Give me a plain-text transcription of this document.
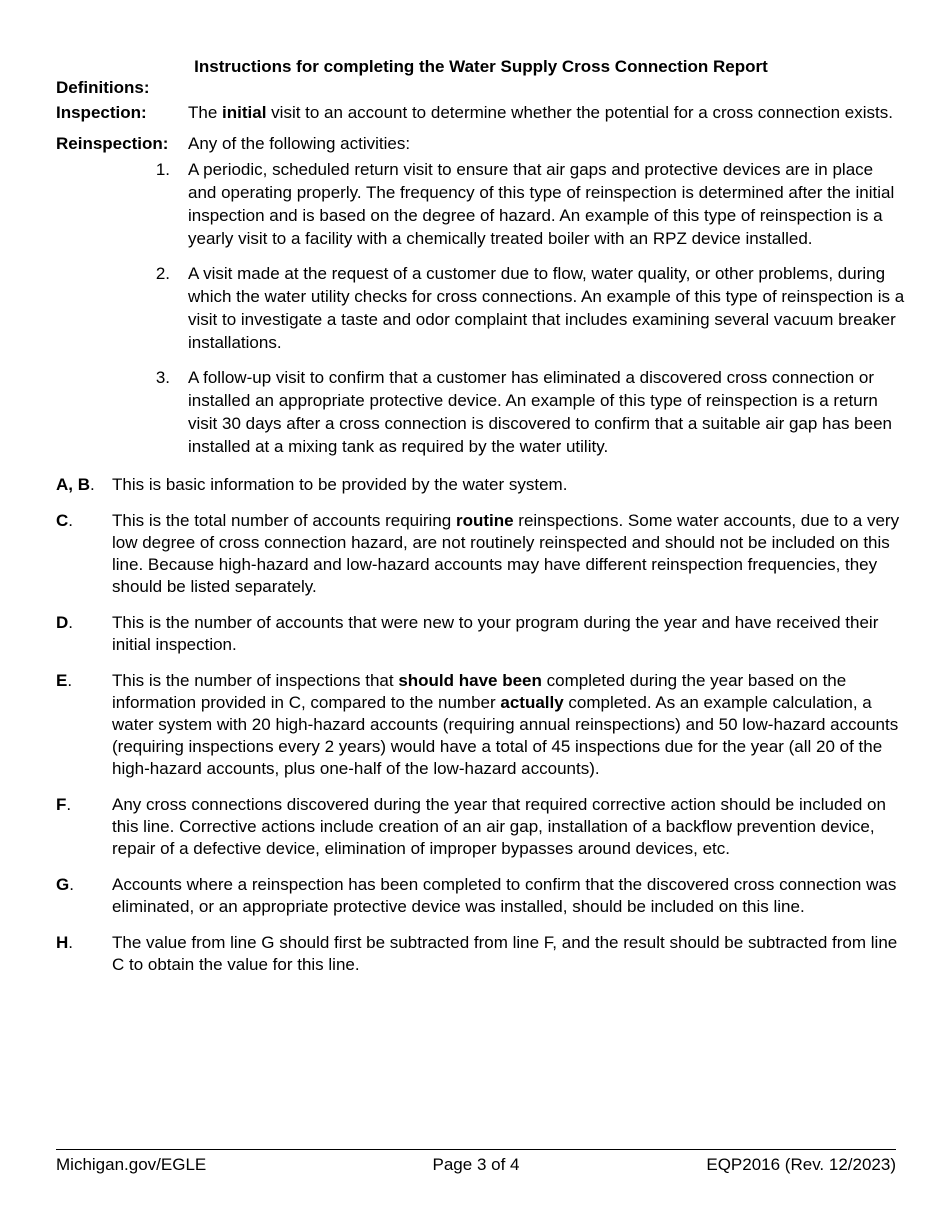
Instructions for completing the Water Supply Cross Connection Report
Definitions:
Inspection:	The initial visit to an account to determine whether the potential for a cross connection exists.
Reinspection:	Any of the following activities:
1.	A periodic, scheduled return visit to ensure that air gaps and protective devices are in place and operating properly. The frequency of this type of reinspection is determined after the initial inspection and is based on the degree of hazard. An example of this type of reinspection is a yearly visit to a facility with a chemically treated boiler with an RPZ device installed.
2.	A visit made at the request of a customer due to flow, water quality, or other problems, during which the water utility checks for cross connections. An example of this type of reinspection is a visit to investigate a taste and odor complaint that includes examining several vacuum breaker installations.
3.	A follow-up visit to confirm that a customer has eliminated a discovered cross connection or installed an appropriate protective device. An example of this type of reinspection is a return visit 30 days after a cross connection is discovered to confirm that a suitable air gap has been installed at a mixing tank as required by the water utility.
A, B.	This is basic information to be provided by the water system.
C.	This is the total number of accounts requiring routine reinspections. Some water accounts, due to a very low degree of cross connection hazard, are not routinely reinspected and should not be included on this line. Because high-hazard and low-hazard accounts may have different reinspection frequencies, they should be listed separately.
D.	This is the number of accounts that were new to your program during the year and have received their initial inspection.
E.	This is the number of inspections that should have been completed during the year based on the information provided in C, compared to the number actually completed. As an example calculation, a water system with 20 high-hazard accounts (requiring annual reinspections) and 50 low-hazard accounts (requiring inspections every 2 years) would have a total of 45 inspections due for the year (all 20 of the high-hazard accounts, plus one-half of the low-hazard accounts).
F.	Any cross connections discovered during the year that required corrective action should be included on this line. Corrective actions include creation of an air gap, installation of a backflow prevention device, repair of a defective device, elimination of improper bypasses around devices, etc.
G.	Accounts where a reinspection has been completed to confirm that the discovered cross connection was eliminated, or an appropriate protective device was installed, should be included on this line.
H.	The value from line G should first be subtracted from line F, and the result should be subtracted from line C to obtain the value for this line.
Michigan.gov/EGLE	Page 3 of 4	EQP2016 (Rev. 12/2023)
